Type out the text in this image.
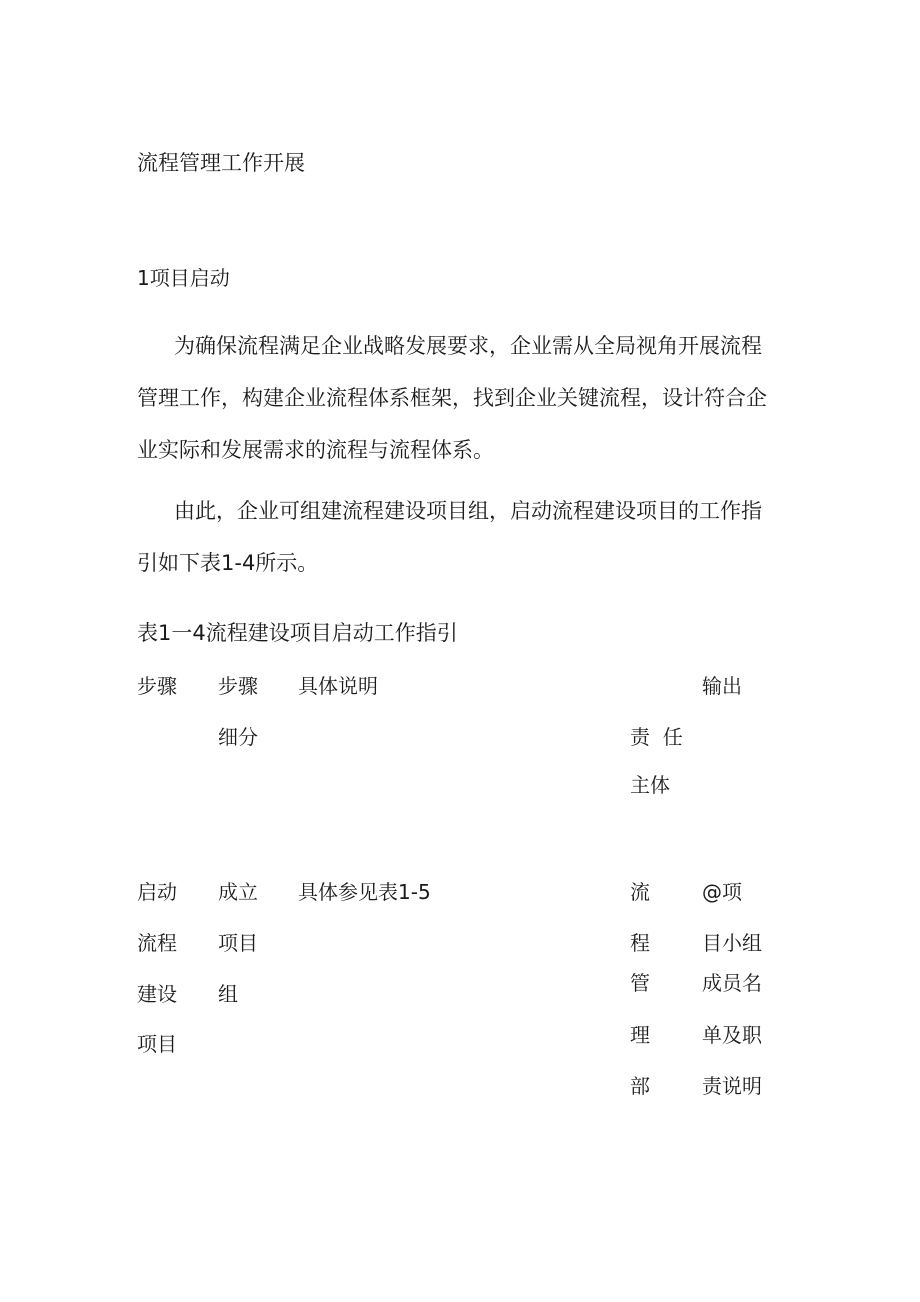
流程管理工作开展
1项目启动

为确保流程满足企业战略发展要求，企业需从全局视角开展流程
管理工作，构建企业流程体系框架，找到企业关键流程，设计符合企
业实际和发展需求的流程与流程体系。

由此，企业可组建流程建设项目组，启动流程建设项目的工作指
引如下表1-4所示。

表1一4流程建设项目启动工作指引
步骤 步骤
细分
具体说明
责  任
主体
输出
启动
流程
建设
项目
成立
项目
组
具体参见表1-5	流
程
管
理
部
@项
目小组
成员名
单及职
责说明
